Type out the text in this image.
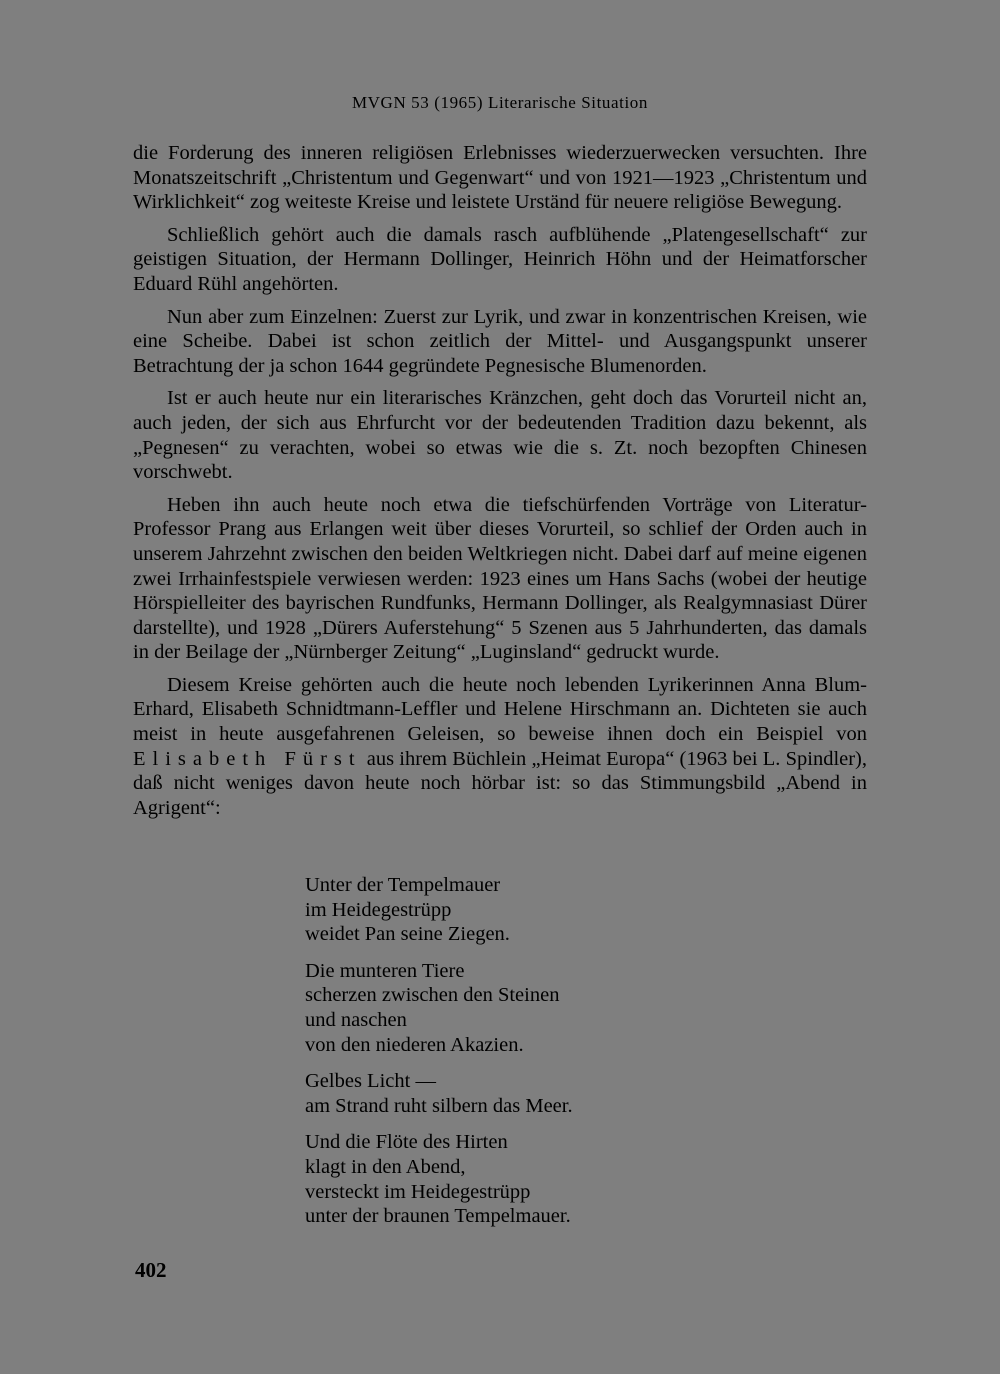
MVGN 53 (1965) Literarische Situation

die Forderung des inneren religiösen Erlebnisses wiederzuerwecken versuchten. Ihre Monatszeitschrift „Christentum und Gegenwart“ und von 1921—1923 „Christentum und Wirklichkeit“ zog weiteste Kreise und leistete Urständ für neuere religiöse Bewegung.

Schließlich gehört auch die damals rasch aufblühende „Platengesellschaft“ zur geistigen Situation, der Hermann Dollinger, Heinrich Höhn und der Heimatforscher Eduard Rühl angehörten.

Nun aber zum Einzelnen: Zuerst zur Lyrik, und zwar in konzentrischen Kreisen, wie eine Scheibe. Dabei ist schon zeitlich der Mittel- und Ausgangspunkt unserer Betrachtung der ja schon 1644 gegründete Pegnesische Blumenorden.

Ist er auch heute nur ein literarisches Kränzchen, geht doch das Vorurteil nicht an, auch jeden, der sich aus Ehrfurcht vor der bedeutenden Tradition dazu bekennt, als „Pegnesen“ zu verachten, wobei so etwas wie die s. Zt. noch bezopften Chinesen vorschwebt.

Heben ihn auch heute noch etwa die tiefschürfenden Vorträge von Literatur-Professor Prang aus Erlangen weit über dieses Vorurteil, so schlief der Orden auch in unserem Jahrzehnt zwischen den beiden Weltkriegen nicht. Dabei darf auf meine eigenen zwei Irrhainfestspiele verwiesen werden: 1923 eines um Hans Sachs (wobei der heutige Hörspielleiter des bayrischen Rundfunks, Hermann Dollinger, als Realgymnasiast Dürer darstellte), und 1928 „Dürers Auferstehung“ 5 Szenen aus 5 Jahrhunderten, das damals in der Beilage der „Nürnberger Zeitung“ „Luginsland“ gedruckt wurde.

Diesem Kreise gehörten auch die heute noch lebenden Lyrikerinnen Anna Blum-Erhard, Elisabeth Schnidtmann-Leffler und Helene Hirschmann an. Dichteten sie auch meist in heute ausgefahrenen Geleisen, so beweise ihnen doch ein Beispiel von Elisabeth Fürst aus ihrem Büchlein „Heimat Europa“ (1963 bei L. Spindler), daß nicht weniges davon heute noch hörbar ist: so das Stimmungsbild „Abend in Agrigent“:

Unter der Tempelmauer
im Heidegestrüpp
weidet Pan seine Ziegen.
Die munteren Tiere
scherzen zwischen den Steinen
und naschen
von den niederen Akazien.
Gelbes Licht —
am Strand ruht silbern das Meer.
Und die Flöte des Hirten
klagt in den Abend,
versteckt im Heidegestrüpp
unter der braunen Tempelmauer.
402
